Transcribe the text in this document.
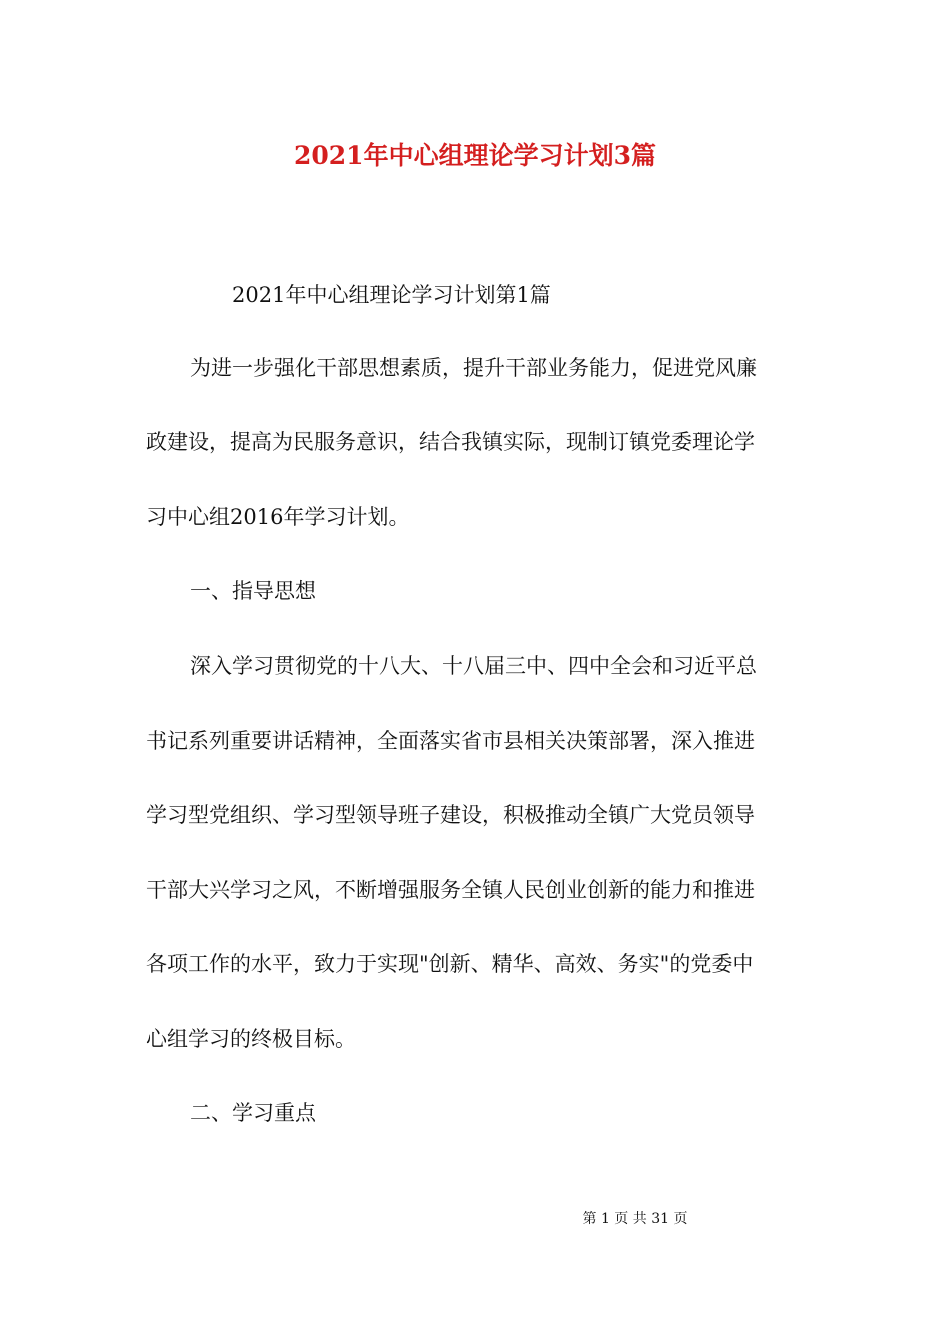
2021年中心组理论学习计划3篇
2021年中心组理论学习计划第1篇
为进一步强化干部思想素质，提升干部业务能力，促进党风廉
政建设，提高为民服务意识，结合我镇实际，现制订镇党委理论学
习中心组2016年学习计划。
一、指导思想
深入学习贯彻党的十八大、十八届三中、四中全会和习近平总
书记系列重要讲话精神，全面落实省市县相关决策部署，深入推进
学习型党组织、学习型领导班子建设，积极推动全镇广大党员领导
干部大兴学习之风，不断增强服务全镇人民创业创新的能力和推进
各项工作的水平，致力于实现"创新、精华、高效、务实"的党委中
心组学习的终极目标。
二、学习重点
第 1 页 共 31 页
